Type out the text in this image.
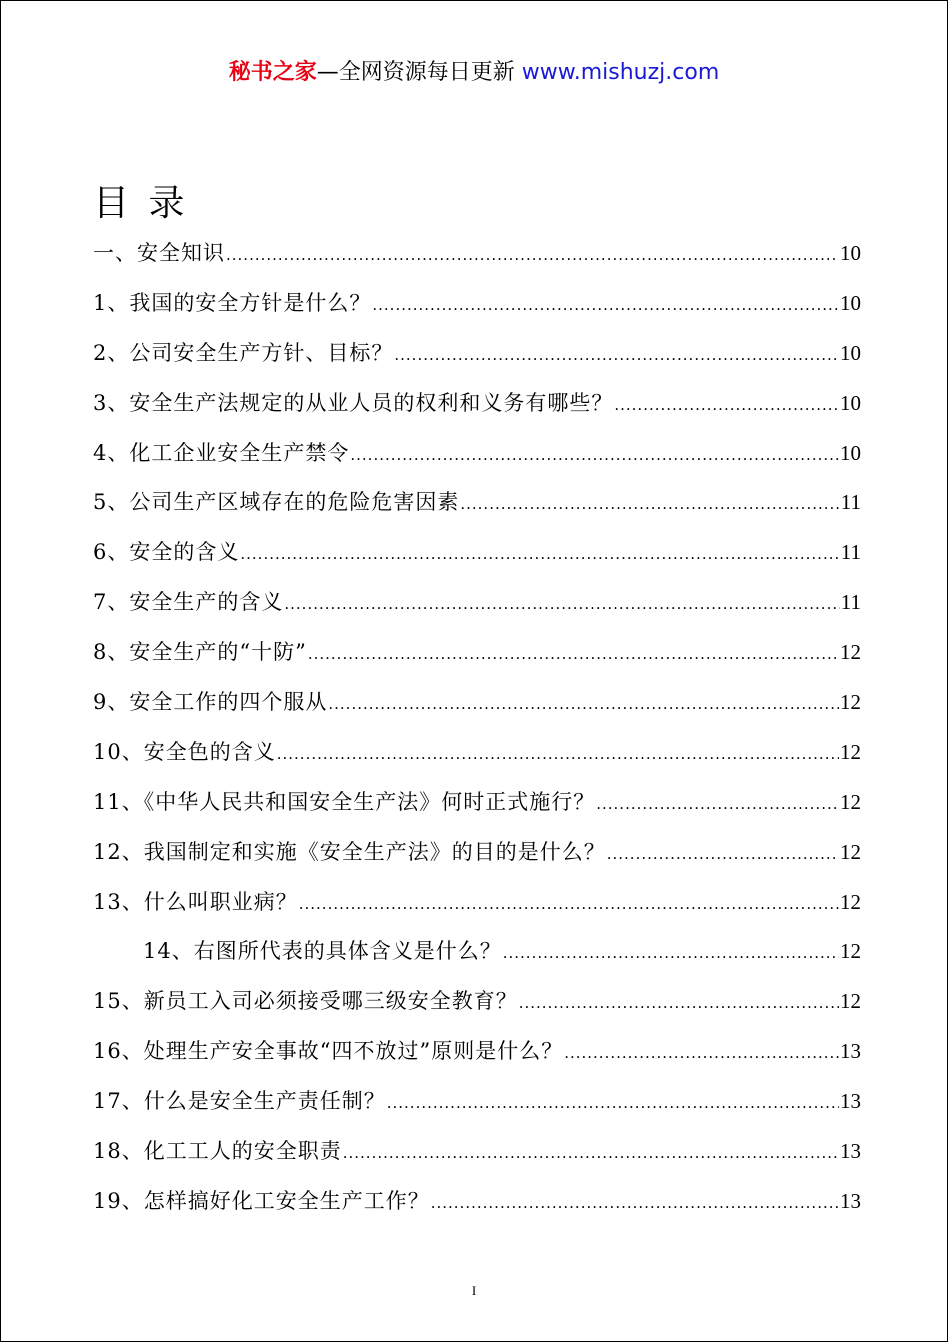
秘书之家—全网资源每日更新 www.mishuzj.com
目 录
一、安全知识 .....	10
1、我国的安全方针是什么？ .....	10
2、公司安全生产方针、目标？ .....	10
3、安全生产法规定的从业人员的权利和义务有哪些？ .....	10
4、化工企业安全生产禁令 .....	10
5、公司生产区域存在的危险危害因素 .....	11
6、安全的含义 .....	11
7、安全生产的含义 .....	11
8、安全生产的“十防” .....	12
9、安全工作的四个服从 .....	12
10、安全色的含义 .....	12
11、《中华人民共和国安全生产法》何时正式施行？ .....	12
12、我国制定和实施《安全生产法》的目的是什么？ .....	12
13、什么叫职业病？ .....	12
14、右图所代表的具体含义是什么？ .....	12
15、新员工入司必须接受哪三级安全教育？ .....	12
16、处理生产安全事故“四不放过”原则是什么？ .....	13
17、什么是安全生产责任制？ .....	13
18、化工工人的安全职责 .....	13
19、怎样搞好化工安全生产工作？ .....	13
I
